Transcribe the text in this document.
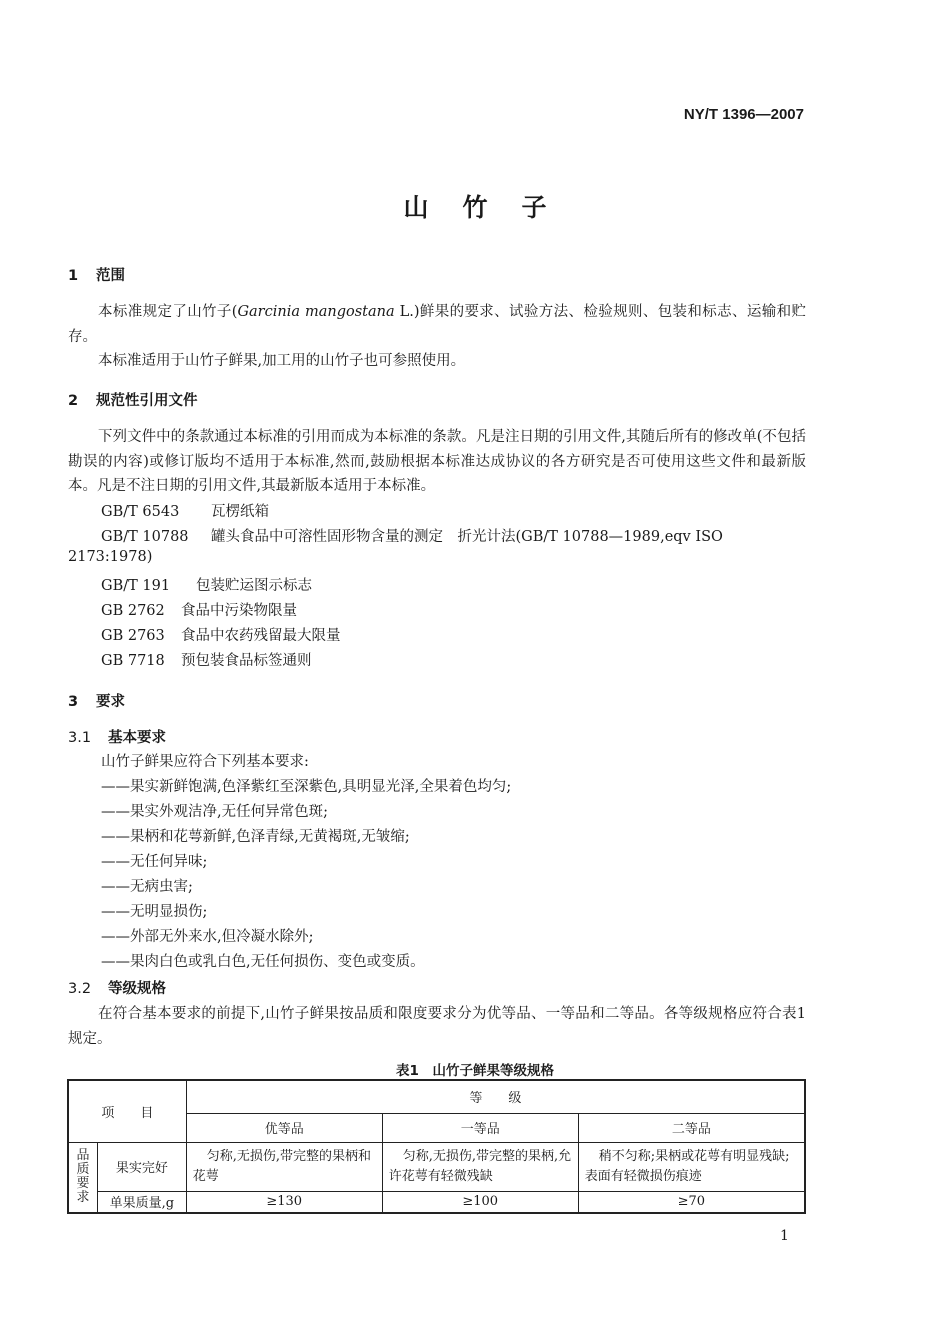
NY/T 1396—2007
山竹子
1 范围
本标准规定了山竹子(Garcinia mangostana L.)鲜果的要求、试验方法、检验规则、包装和标志、运输和贮存。
本标准适用于山竹子鲜果,加工用的山竹子也可参照使用。
2 规范性引用文件
下列文件中的条款通过本标准的引用而成为本标准的条款。凡是注日期的引用文件,其随后所有的修改单(不包括勘误的内容)或修订版均不适用于本标准,然而,鼓励根据本标准达成协议的各方研究是否可使用这些文件和最新版本。凡是不注日期的引用文件,其最新版本适用于本标准。
GB/T 6543 瓦楞纸箱
GB/T 10788 罐头食品中可溶性固形物含量的测定　折光计法(GB/T 10788—1989,eqv ISO
2173:1978)
GB/T 191 包装贮运图示标志
GB 2762 食品中污染物限量
GB 2763 食品中农药残留最大限量
GB 7718 预包装食品标签通则
3 要求
3.1 基本要求
山竹子鲜果应符合下列基本要求:
——果实新鲜饱满,色泽紫红至深紫色,具明显光泽,全果着色均匀;
——果实外观洁净,无任何异常色斑;
——果柄和花萼新鲜,色泽青绿,无黄褐斑,无皱缩;
——无任何异味;
——无病虫害;
——无明显损伤;
——外部无外来水,但冷凝水除外;
——果肉白色或乳白色,无任何损伤、变色或变质。
3.2 等级规格
在符合基本要求的前提下,山竹子鲜果按品质和限度要求分为优等品、一等品和二等品。各等级规格应符合表1规定。
表1　山竹子鲜果等级规格
项　　目		等　　级		
		优等品	一等品	二等品

品质要求	果实完好	匀称,无损伤,带完整的果柄和花萼	匀称,无损伤,带完整的果柄,允许花萼有轻微残缺	稍不匀称;果柄或花萼有明显残缺;表面有轻微损伤痕迹
	单果质量,g	≥130	≥100	≥70
1
